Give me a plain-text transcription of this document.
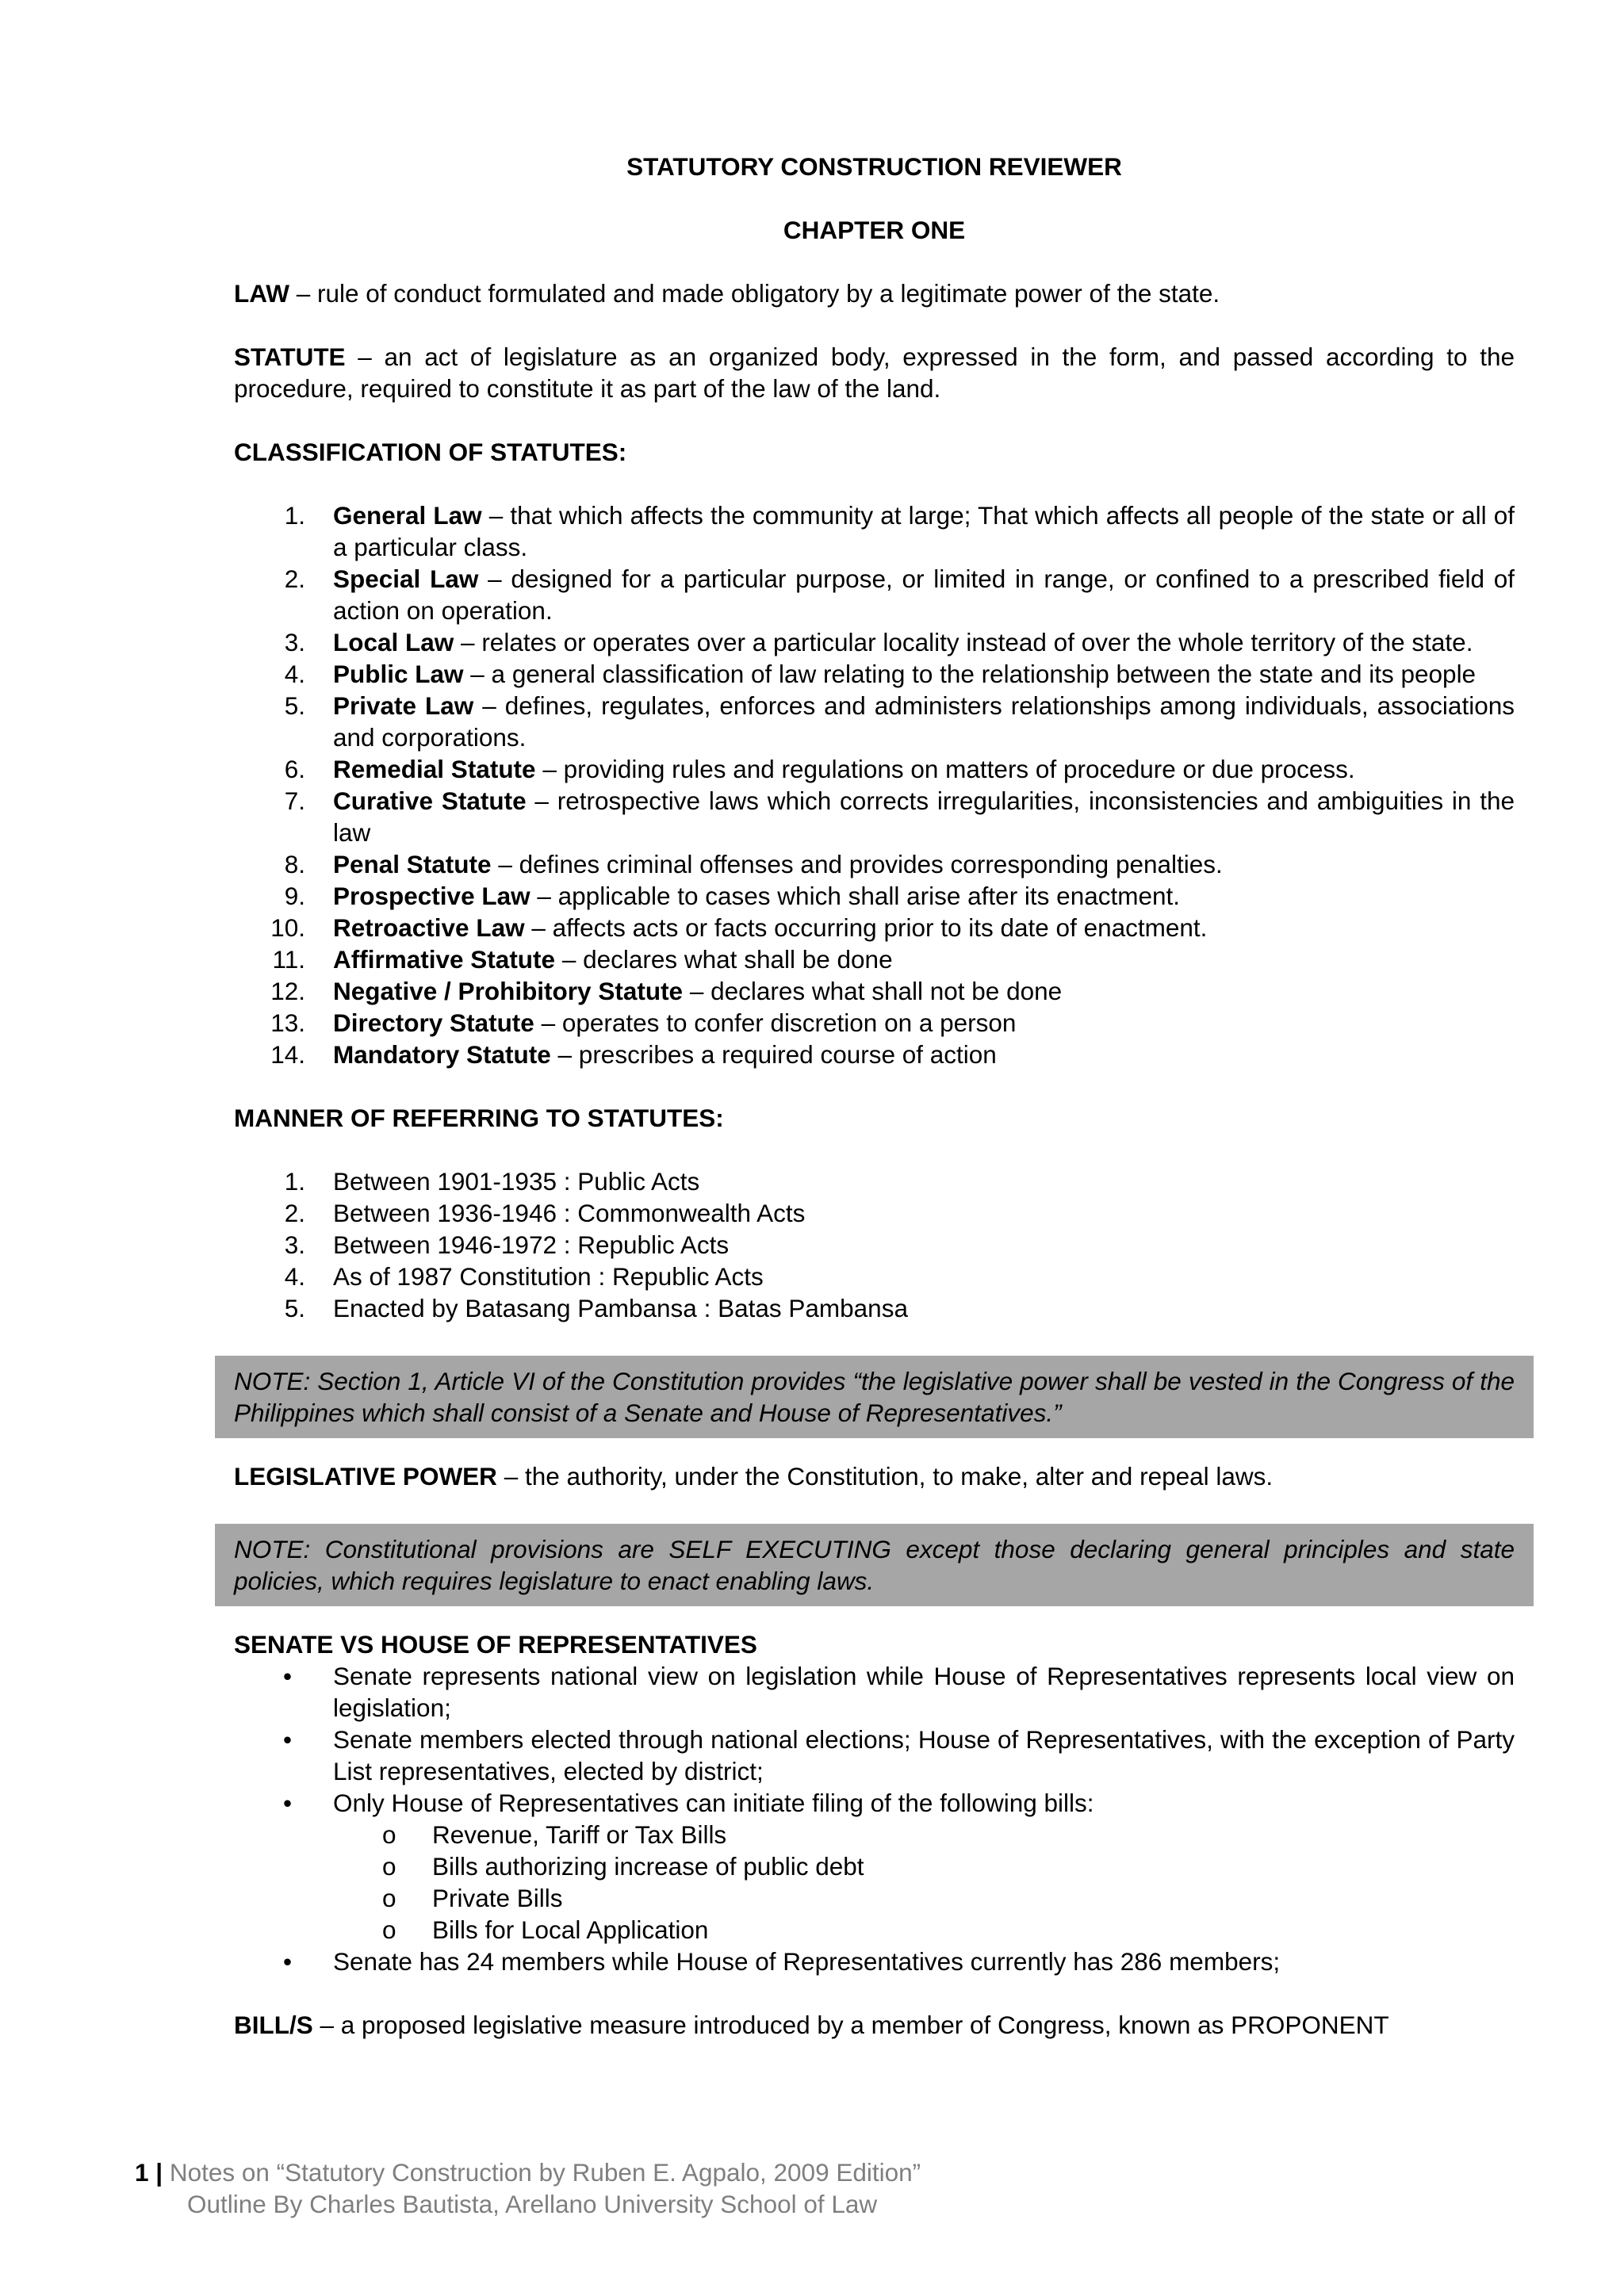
STATUTORY CONSTRUCTION REVIEWER
CHAPTER ONE

LAW – rule of conduct formulated and made obligatory by a legitimate power of the state.

STATUTE – an act of legislature as an organized body, expressed in the form, and passed according to the procedure, required to constitute it as part of the law of the land.

CLASSIFICATION OF STATUTES:
1. General Law – that which affects the community at large; That which affects all people of the state or all of a particular class.
2. Special Law – designed for a particular purpose, or limited in range, or confined to a prescribed field of action on operation.
3. Local Law – relates or operates over a particular locality instead of over the whole territory of the state.
4. Public Law – a general classification of law relating to the relationship between the state and its people
5. Private Law – defines, regulates, enforces and administers relationships among individuals, associations and corporations.
6. Remedial Statute – providing rules and regulations on matters of procedure or due process.
7. Curative Statute – retrospective laws which corrects irregularities, inconsistencies and ambiguities in the law
8. Penal Statute – defines criminal offenses and provides corresponding penalties.
9. Prospective Law – applicable to cases which shall arise after its enactment.
10. Retroactive Law – affects acts or facts occurring prior to its date of enactment.
11. Affirmative Statute – declares what shall be done
12. Negative / Prohibitory Statute – declares what shall not be done
13. Directory Statute – operates to confer discretion on a person
14. Mandatory Statute – prescribes a required course of action
MANNER OF REFERRING TO STATUTES:
1. Between 1901-1935 : Public Acts
2. Between 1936-1946 : Commonwealth Acts
3. Between 1946-1972 : Republic Acts
4. As of 1987 Constitution : Republic Acts
5. Enacted by Batasang Pambansa : Batas Pambansa
NOTE: Section 1, Article VI of the Constitution provides “the legislative power shall be vested in the Congress of the Philippines which shall consist of a Senate and House of Representatives.”

LEGISLATIVE POWER – the authority, under the Constitution, to make, alter and repeal laws.

NOTE: Constitutional provisions are SELF EXECUTING except those declaring general principles and state policies, which requires legislature to enact enabling laws.
SENATE VS HOUSE OF REPRESENTATIVES
• Senate represents national view on legislation while House of Representatives represents local view on legislation;
• Senate members elected through national elections; House of Representatives, with the exception of Party List representatives, elected by district;
• Only House of Representatives can initiate filing of the following bills:
o Revenue, Tariff or Tax Bills
o Bills authorizing increase of public debt
o Private Bills
o Bills for Local Application
• Senate has 24 members while House of Representatives currently has 286 members;

BILL/S – a proposed legislative measure introduced by a member of Congress, known as PROPONENT

1 | Notes on “Statutory Construction by Ruben E. Agpalo, 2009 Edition”
Outline By Charles Bautista, Arellano University School of Law
